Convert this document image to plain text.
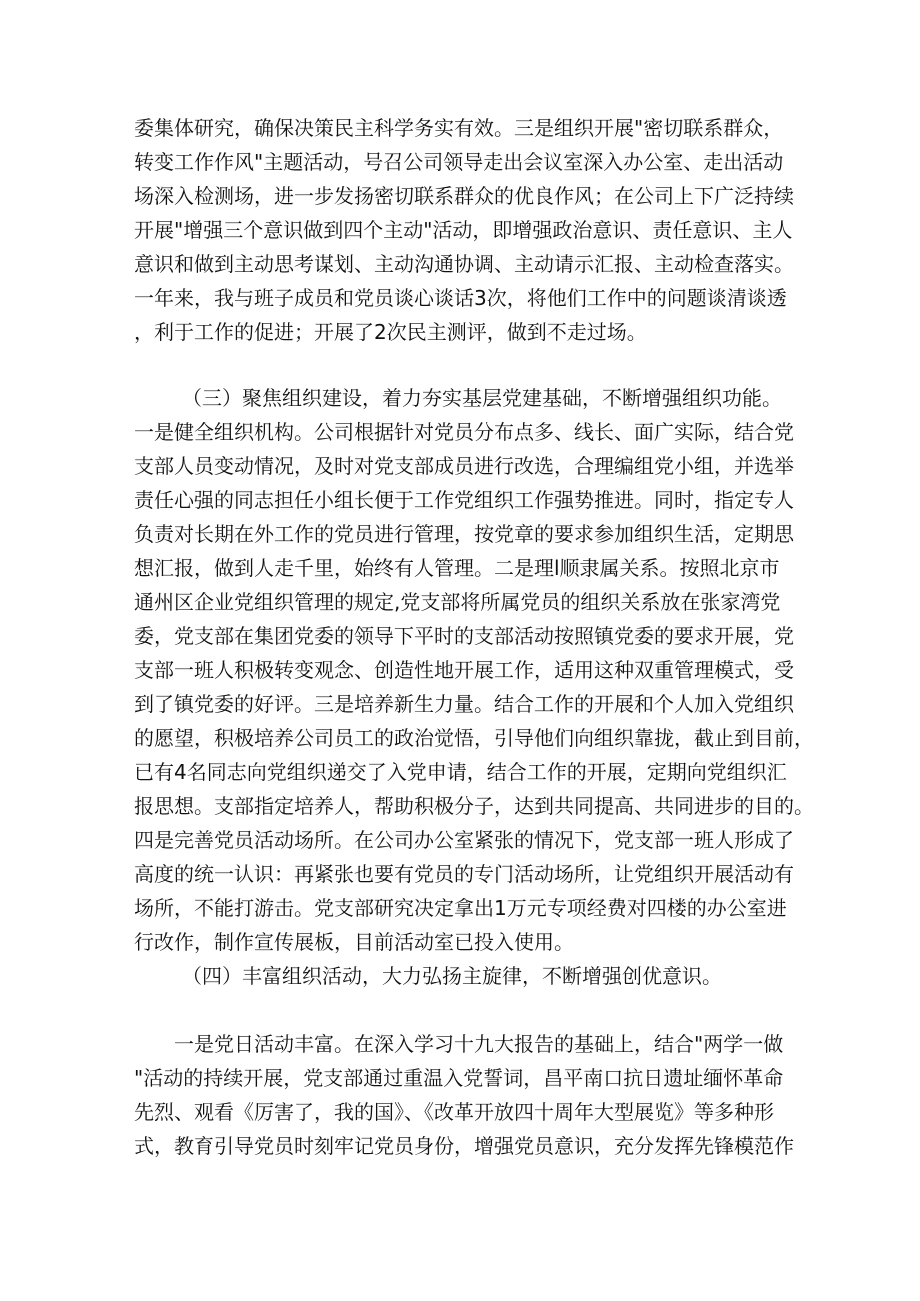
委集体研究，确保决策民主科学务实有效。三是组织开展"密切联系群众，
转变工作作风"主题活动，号召公司领导走出会议室深入办公室、走出活动
场深入检测场，进一步发扬密切联系群众的优良作风；在公司上下广泛持续
开展"增强三个意识做到四个主动"活动，即增强政治意识、责任意识、主人
意识和做到主动思考谋划、主动沟通协调、主动请示汇报、主动检查落实。
一年来，我与班子成员和党员谈心谈话3次，将他们工作中的问题谈清谈透
，利于工作的促进；开展了2次民主测评，做到不走过场。
（三）聚焦组织建设，着力夯实基层党建基础，不断增强组织功能。
一是健全组织机构。公司根据针对党员分布点多、线长、面广实际，结合党
支部人员变动情况，及时对党支部成员进行改选，合理编组党小组，并选举
责任心强的同志担任小组长便于工作党组织工作强势推进。同时，指定专人
负责对长期在外工作的党员进行管理，按党章的要求参加组织生活，定期思
想汇报，做到人走千里，始终有人管理。二是理l顺隶属关系。按照北京市
通州区企业党组织管理的规定,党支部将所属党员的组织关系放在张家湾党
委，党支部在集团党委的领导下平时的支部活动按照镇党委的要求开展，党
支部一班人积极转变观念、创造性地开展工作，适用这种双重管理模式，受
到了镇党委的好评。三是培养新生力量。结合工作的开展和个人加入党组织
的愿望，积极培养公司员工的政治觉悟，引导他们向组织靠拢，截止到目前，
已有4名同志向党组织递交了入党申请，结合工作的开展，定期向党组织汇
报思想。支部指定培养人，帮助积极分子，达到共同提高、共同进步的目的。
四是完善党员活动场所。在公司办公室紧张的情况下，党支部一班人形成了
高度的统一认识：再紧张也要有党员的专门活动场所，让党组织开展活动有
场所，不能打游击。党支部研究决定拿出1万元专项经费对四楼的办公室进
行改作，制作宣传展板，目前活动室已投入使用。
（四）丰富组织活动，大力弘扬主旋律，不断增强创优意识。
一是党日活动丰富。在深入学习十九大报告的基础上，结合"两学一做
"活动的持续开展，党支部通过重温入党誓词，昌平南口抗日遗址缅怀革命
先烈、观看《厉害了，我的国》、《改革开放四十周年大型展览》等多种形
式，教育引导党员时刻牢记党员身份，增强党员意识，充分发挥先锋模范作
